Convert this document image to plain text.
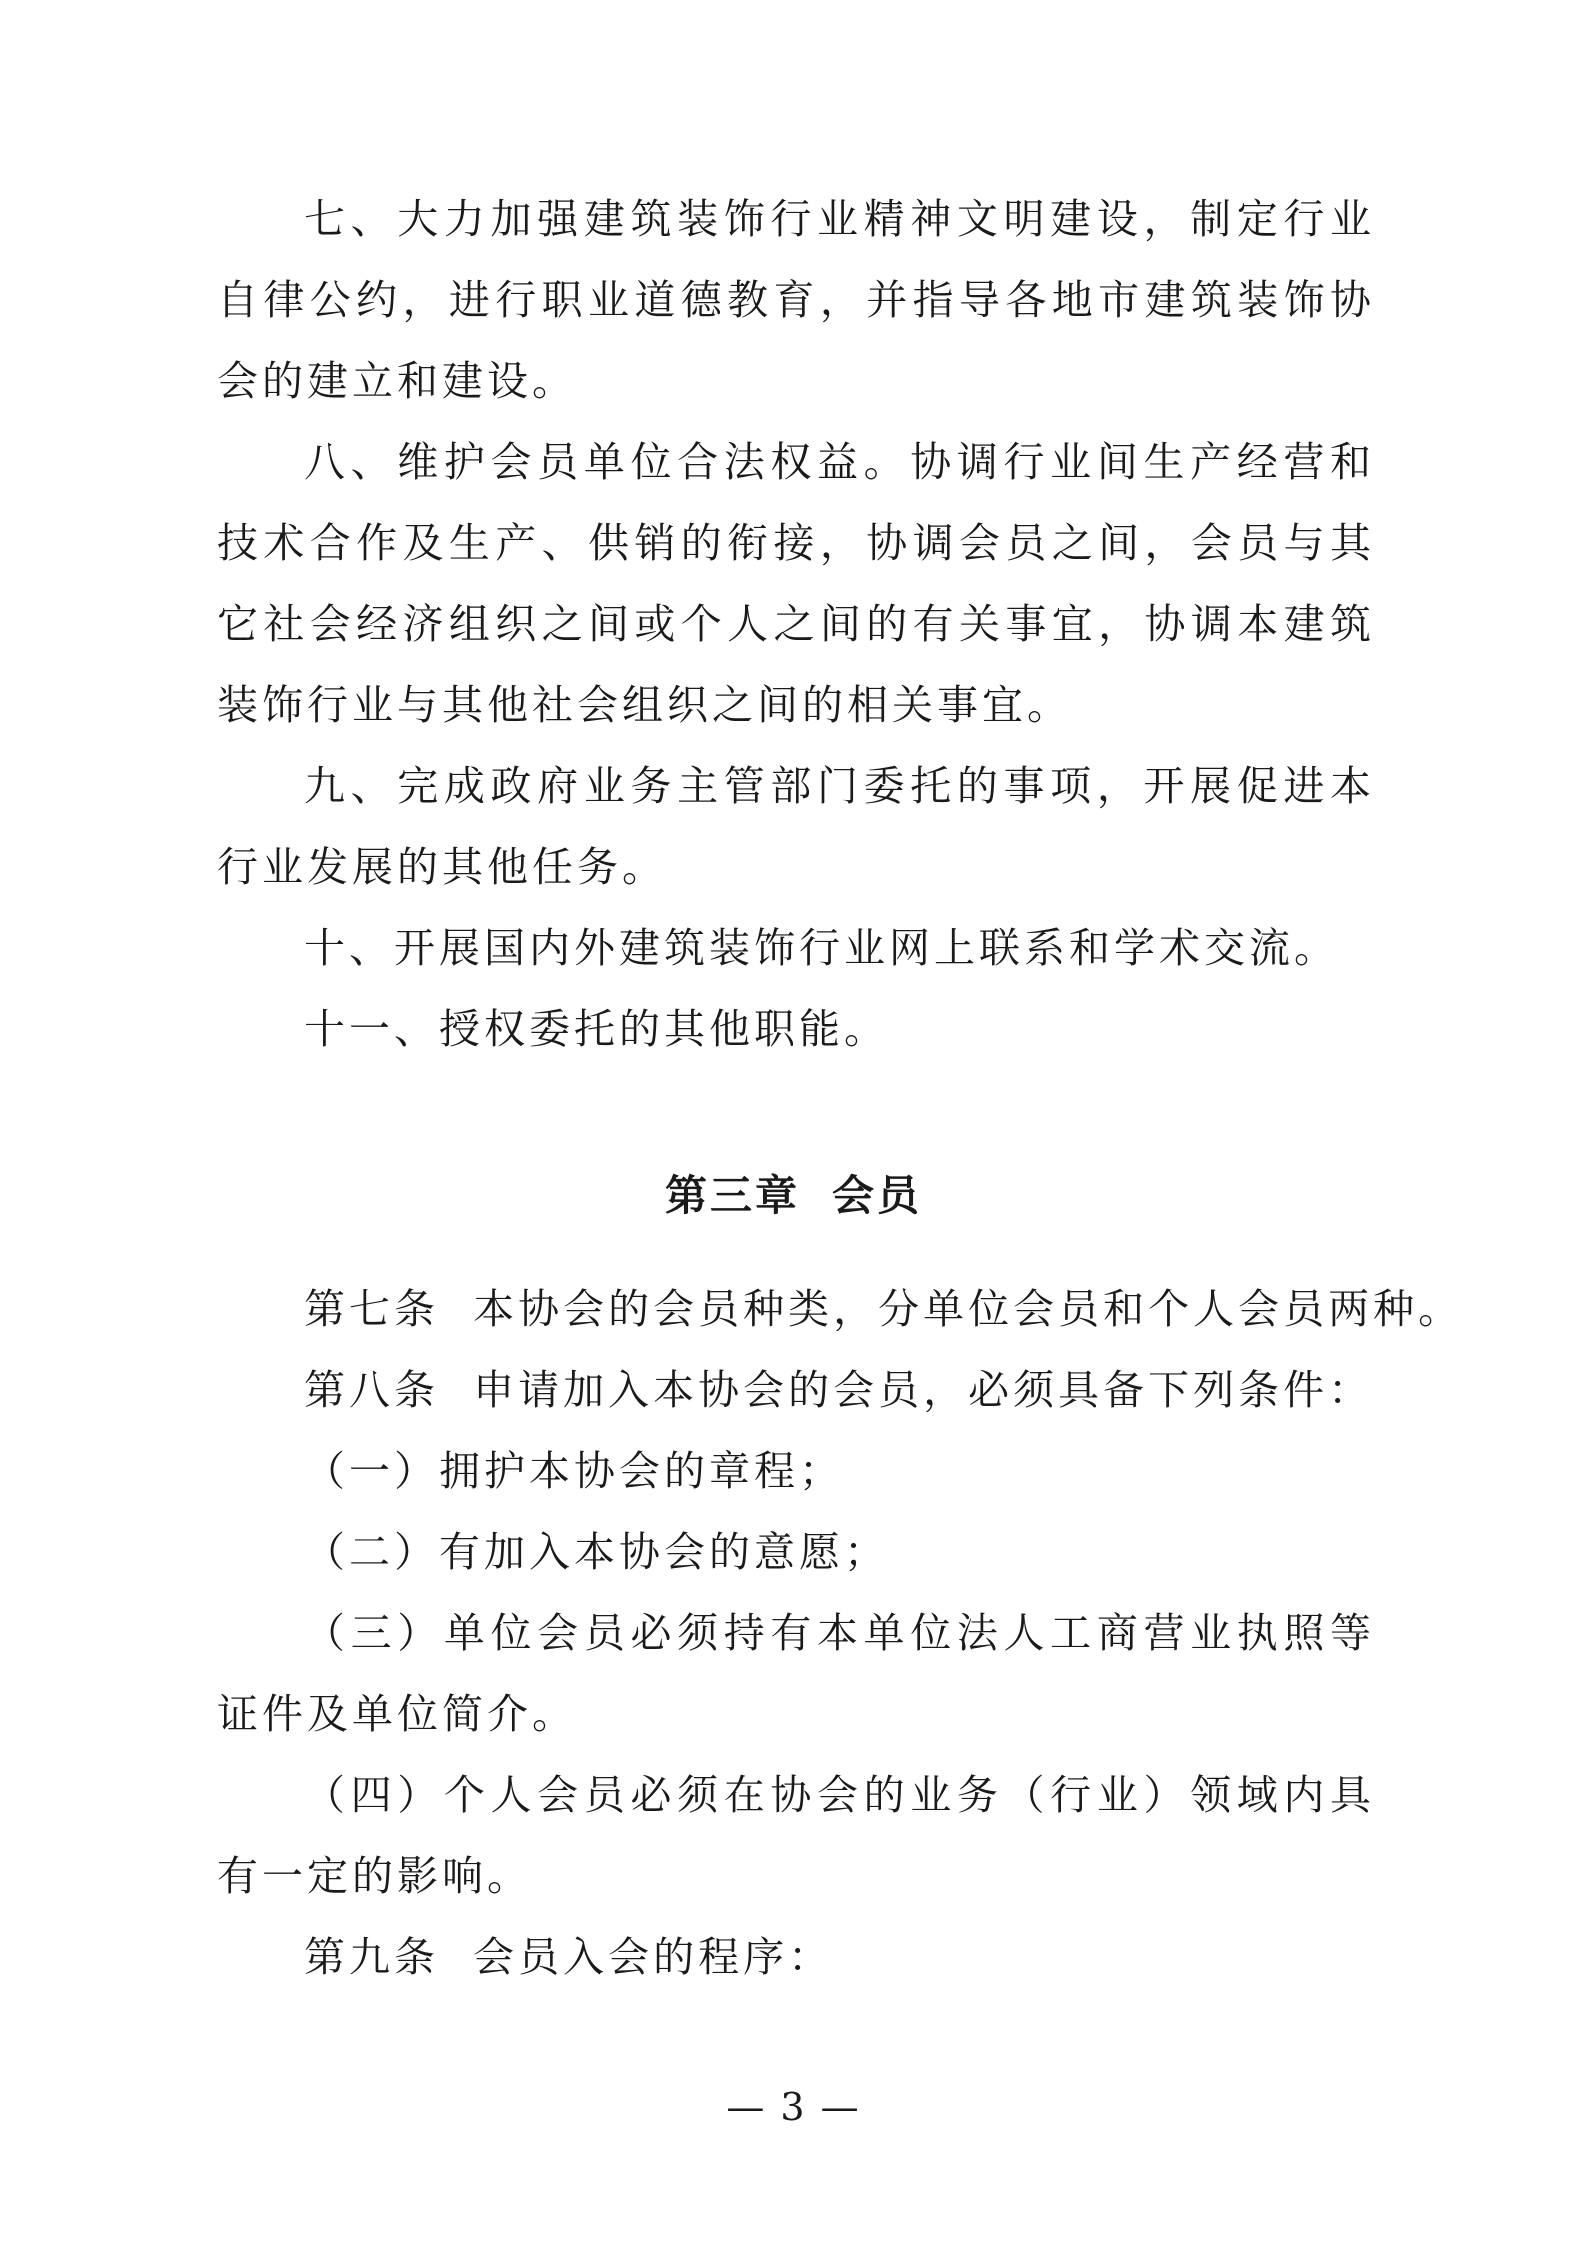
七、大力加强建筑装饰行业精神文明建设，制定行业自律公约，进行职业道德教育，并指导各地市建筑装饰协会的建立和建设。

八、维护会员单位合法权益。协调行业间生产经营和技术合作及生产、供销的衔接，协调会员之间，会员与其它社会经济组织之间或个人之间的有关事宜，协调本建筑装饰行业与其他社会组织之间的相关事宜。

九、完成政府业务主管部门委托的事项，开展促进本行业发展的其他任务。

十、开展国内外建筑装饰行业网上联系和学术交流。

十一、授权委托的其他职能。

第三章 会员

第七条  本协会的会员种类，分单位会员和个人会员两种。

第八条  申请加入本协会的会员，必须具备下列条件：

（一）拥护本协会的章程；

（二）有加入本协会的意愿；

（三）单位会员必须持有本单位法人工商营业执照等证件及单位简介。

（四）个人会员必须在协会的业务（行业）领域内具有一定的影响。

第九条  会员入会的程序：

— 3 —
